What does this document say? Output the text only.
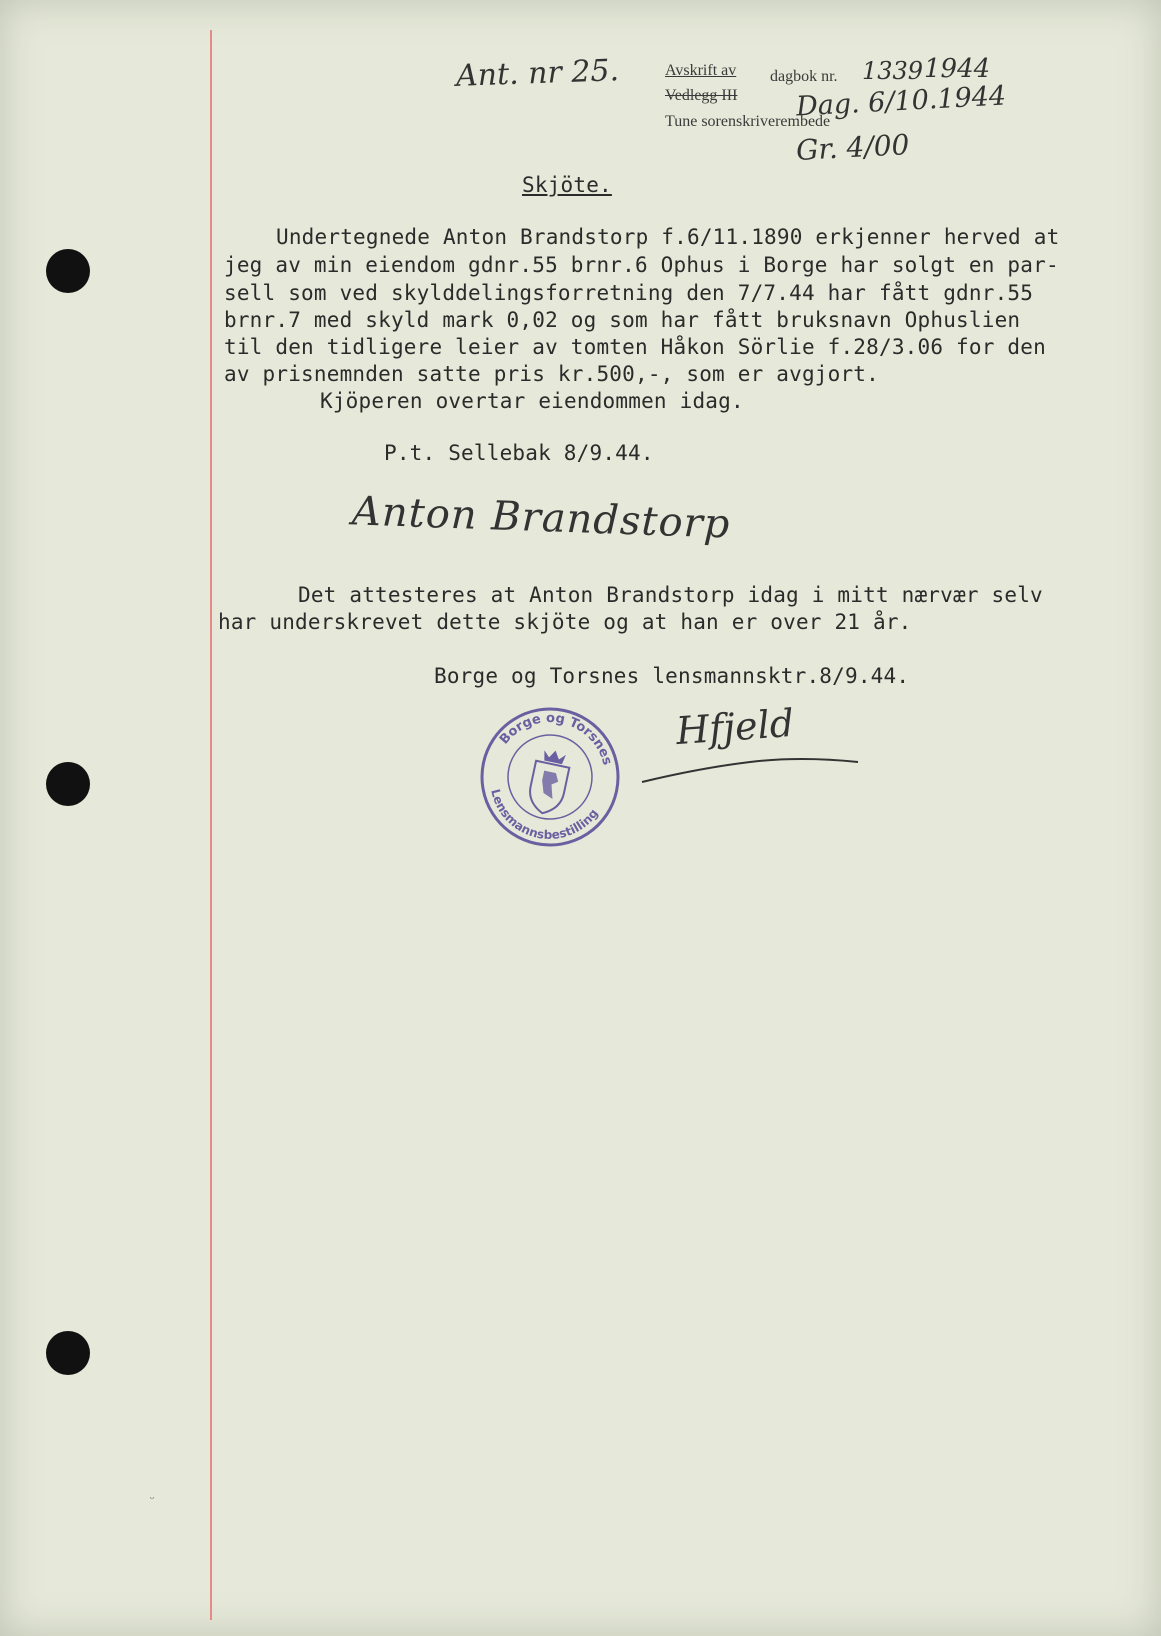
Ant. nr 25.	Avskrift av
Vedlegg III
dagbok nr. 1339 1944
Dag. 6/10.1944
Tune sorenskriverembede
Gr. 4/00
Skjöte.
Undertegnede Anton Brandstorp f.6/11.1890 erkjenner herved at
jeg av min eiendom gdnr.55 brnr.6 Ophus i Borge har solgt en par-
sell som ved skylddelingsforretning den 7/7.44 har fått gdnr.55
brnr.7 med skyld mark 0,02 og som har fått bruksnavn Ophuslien
til den tidligere leier av tomten Håkon Sörlie f.28/3.06 for den
av prisnemnden satte pris kr.500,-, som er avgjort.
Kjöperen overtar eiendommen idag.
P.t. Sellebak 8/9.44.
Anton Brandstorp
Det attesteres at Anton Brandstorp idag i mitt nærvær selv
har underskrevet dette skjöte og at han er over 21 år.
Borge og Torsnes lensmannsktr.8/9.44.
Borge og Torsnes
Lensmannsbestilling
Hfjeld
ᵕ
